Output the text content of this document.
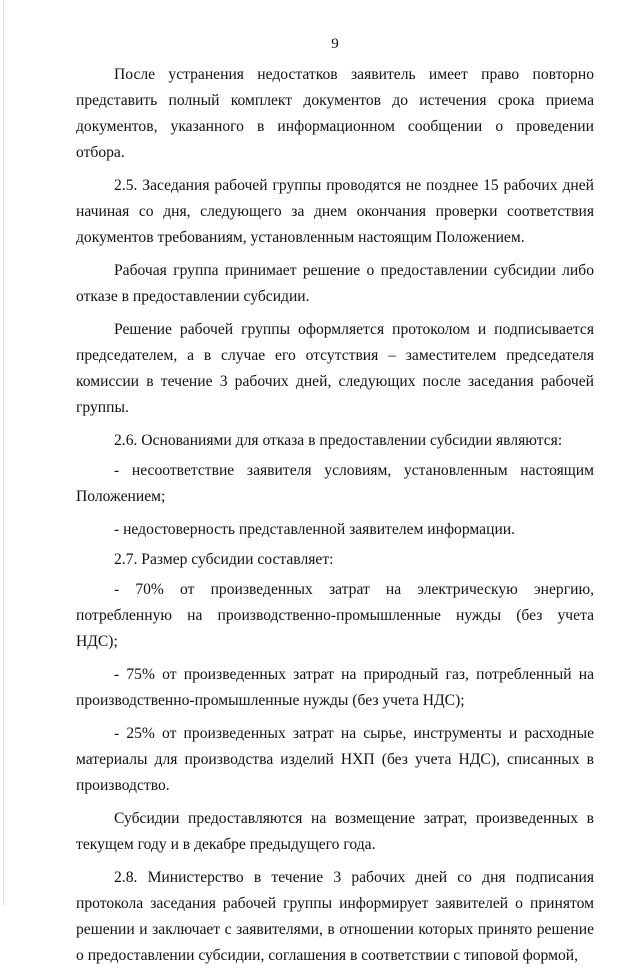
9

После устранения недостатков заявитель имеет право повторно представить полный комплект документов до истечения срока приема документов, указанного в информационном сообщении о проведении отбора.

2.5. Заседания рабочей группы проводятся не позднее 15 рабочих дней начиная со дня, следующего за днем окончания проверки соответствия документов требованиям, установленным настоящим Положением.

Рабочая группа принимает решение о предоставлении субсидии либо отказе в предоставлении субсидии.

Решение рабочей группы оформляется протоколом и подписывается председателем, а в случае его отсутствия – заместителем председателя комиссии в течение 3 рабочих дней, следующих после заседания рабочей группы.

2.6. Основаниями для отказа в предоставлении субсидии являются:

- несоответствие заявителя условиям, установленным настоящим Положением;

- недостоверность представленной заявителем информации.

2.7. Размер субсидии составляет:

- 70% от произведенных затрат на электрическую энергию, потребленную на производственно-промышленные нужды (без учета НДС);

- 75% от произведенных затрат на природный газ, потребленный на производственно-промышленные нужды (без учета НДС);

- 25% от произведенных затрат на сырье, инструменты и расходные материалы для производства изделий НХП (без учета НДС), списанных в производство.

Субсидии предоставляются на возмещение затрат, произведенных в текущем году и в декабре предыдущего года.

2.8. Министерство в течение 3 рабочих дней со дня подписания протокола заседания рабочей группы информирует заявителей о принятом решении и заключает с заявителями, в отношении которых принято решение о предоставлении субсидии, соглашения в соответствии с типовой формой,
